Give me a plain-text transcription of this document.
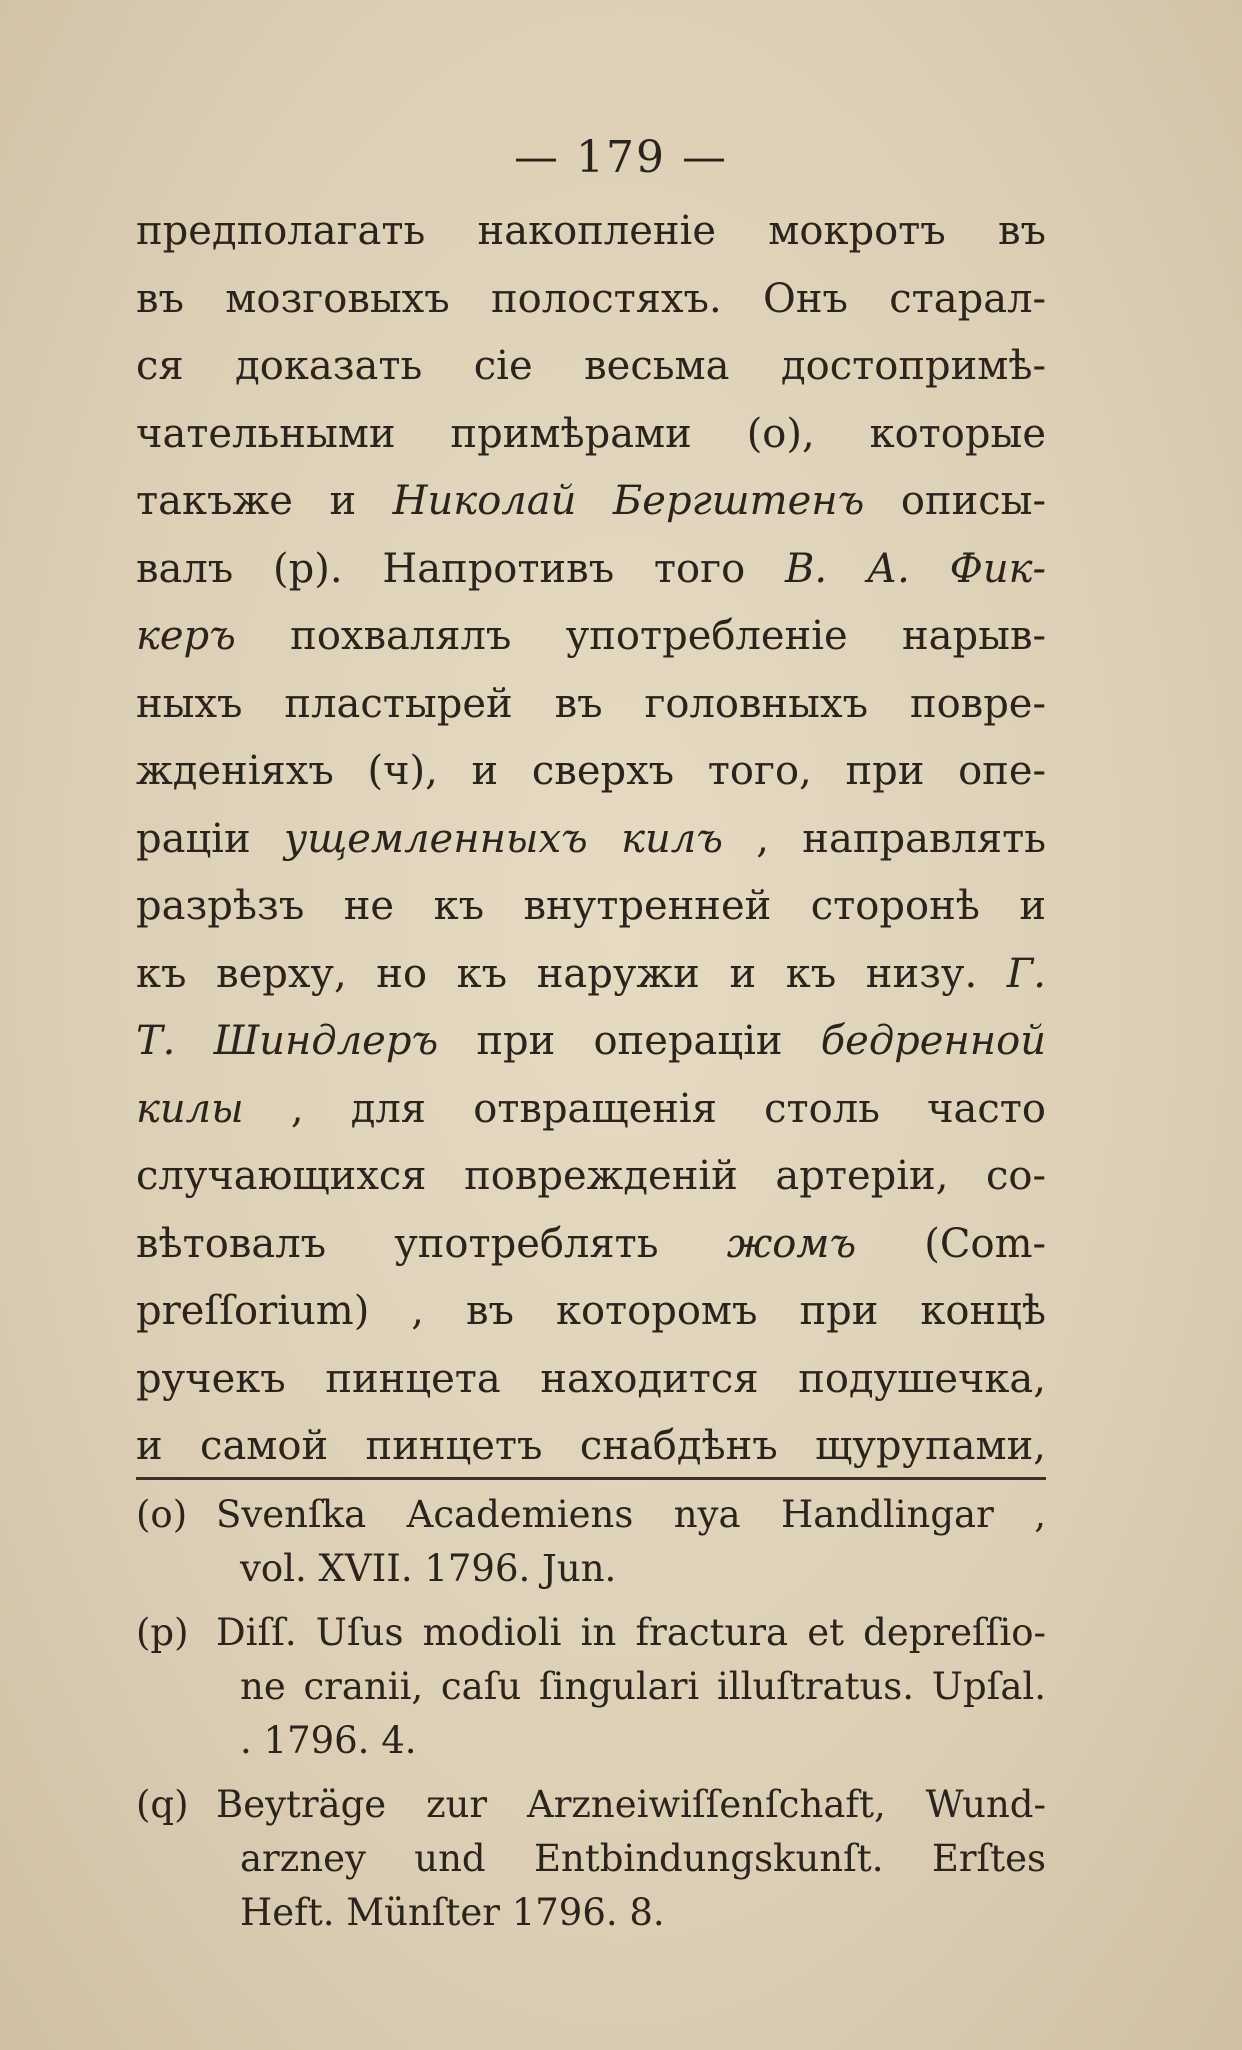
— 179 —
предполагать накопленіе мокротъ въ
въ мозговыхъ полостяхъ. Онъ старал-
ся доказать сіе весьма достопримѣ-
чательными примѣрами (о), которые
такъже и Николай Бергштенъ описы-
валъ (р). Напротивъ того В. А. Фик-
керъ похвалялъ употребленіе нарыв-
ныхъ пластырей въ головныхъ повре-
жденіяхъ (ч), и сверхъ того, при опе-
раціи ущемленныхъ килъ , направлять
разрѣзъ не къ внутренней сторонѣ и
къ верху, но къ наружи и къ низу. Г.
Т. Шиндлеръ при операціи бедренной
килы , для отвращенія столь часто
случающихся поврежденій артеріи, со-
вѣтовалъ употреблять жомъ (Com-
preſſorium) , въ которомъ при концѣ
ручекъ пинцета находится подушечка,
и самой пинцетъ снабдѣнъ щурупами,
(o) Svenſka Academiens nya Handlingar ,
vol. XVII. 1796. Jun.
(p) Diſſ. Uſus modioli in fractura et depreſſio-
ne cranii, caſu ſingulari illuſtratus. Upſal.
. 1796. 4.
(q) Beyträge zur Arzneiwiſſenſchaft, Wund-
arzney und Entbindungskunſt. Erſtes
Heft. Münſter 1796. 8.
